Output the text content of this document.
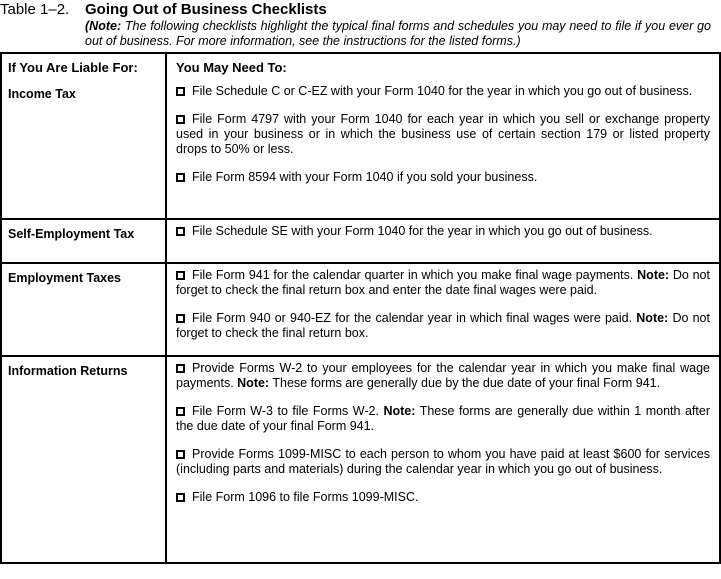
Table 1–2.	Going Out of Business Checklists
(Note: The following checklists highlight the typical final forms and schedules you may need to file if you ever go out of business. For more information, see the instructions for the listed forms.)
If You Are Liable For:	You May Need To:
Income Tax	File Schedule C or C-EZ with your Form 1040 for the year in which you go out of business.

File Form 4797 with your Form 1040 for each year in which you sell or exchange property used in your business or in which the business use of certain section 179 or listed property drops to 50% or less.

File Form 8594 with your Form 1040 if you sold your business.

Self-Employment Tax	File Schedule SE with your Form 1040 for the year in which you go out of business.

Employment Taxes	File Form 941 for the calendar quarter in which you make final wage payments. Note: Do not forget to check the final return box and enter the date final wages were paid.

File Form 940 or 940-EZ for the calendar year in which final wages were paid. Note: Do not forget to check the final return box.

Information Returns	Provide Forms W-2 to your employees for the calendar year in which you make final wage payments. Note: These forms are generally due by the due date of your final Form 941.

File Form W-3 to file Forms W-2. Note: These forms are generally due within 1 month after the due date of your final Form 941.

Provide Forms 1099-MISC to each person to whom you have paid at least $600 for services (including parts and materials) during the calendar year in which you go out of business.

File Form 1096 to file Forms 1099-MISC.
